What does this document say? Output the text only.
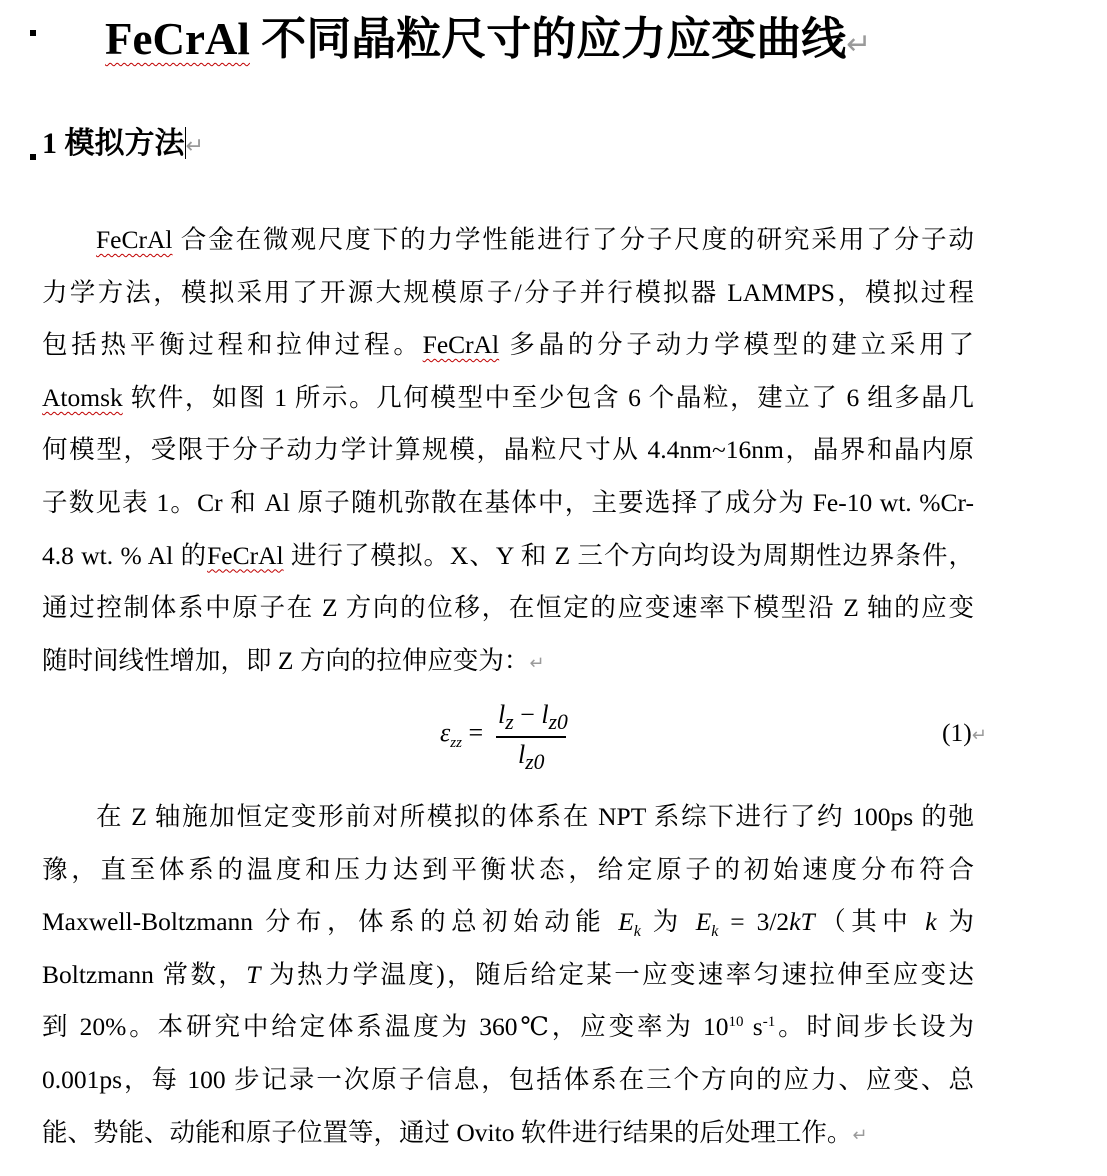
FeCrAl 不同晶粒尺寸的应力应变曲线↵
1 模拟方法↵
FeCrAl 合金在微观尺度下的力学性能进行了分子尺度的研究采用了分子动
力学方法，模拟采用了开源大规模原子/分子并行模拟器 LAMMPS，模拟过程
包括热平衡过程和拉伸过程。FeCrAl 多晶的分子动力学模型的建立采用了
Atomsk 软件，如图 1 所示。几何模型中至少包含 6 个晶粒，建立了 6 组多晶几
何模型，受限于分子动力学计算规模，晶粒尺寸从 4.4nm~16nm，晶界和晶内原
子数见表 1。Cr 和 Al 原子随机弥散在基体中，主要选择了成分为 Fe-10 wt. %Cr-
4.8 wt. % Al 的FeCrAl 进行了模拟。X、Y 和 Z 三个方向均设为周期性边界条件，
通过控制体系中原子在 Z 方向的位移，在恒定的应变速率下模型沿 Z 轴的应变
随时间线性增加，即 Z 方向的拉伸应变为：↵
$\varepsilon_{zz}$ =
$l_z - l_{z0}$
$l_{z0}$
(1)↵
在 Z 轴施加恒定变形前对所模拟的体系在 NPT 系综下进行了约 100ps 的弛
豫，直至体系的温度和压力达到平衡状态，给定原子的初始速度分布符合
Maxwell-Boltzmann 分布，体系的总初始动能 $E_k$ 为 $E_k = 3/2kT$（其中 k 为
Boltzmann 常数，T 为热力学温度)，随后给定某一应变速率匀速拉伸至应变达
到 20%。本研究中给定体系温度为 360℃，应变率为 $10^{10}$ $s^{-1}$。时间步长设为
0.001ps，每 100 步记录一次原子信息，包括体系在三个方向的应力、应变、总
能、势能、动能和原子位置等，通过 Ovito 软件进行结果的后处理工作。↵
